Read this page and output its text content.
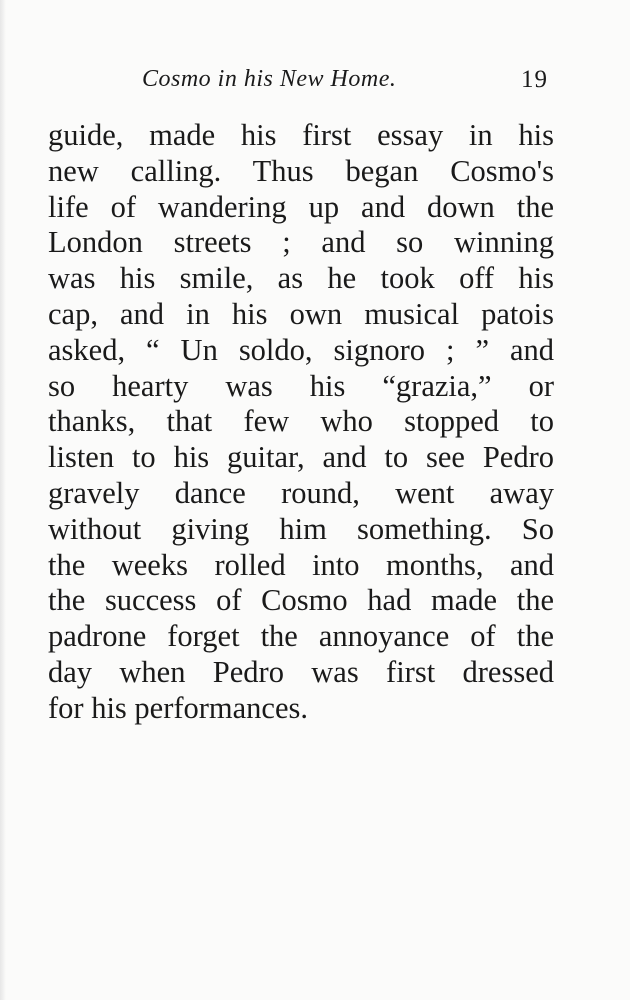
Cosmo in his New Home.	19
guide, made his first essay in his
new calling. Thus began Cosmo's
life of wandering up and down the
London streets ; and so winning
was his smile, as he took off his
cap, and in his own musical patois
asked, “ Un soldo, signoro ; ” and
so hearty was his “grazia,” or
thanks, that few who stopped to
listen to his guitar, and to see Pedro
gravely dance round, went away
without giving him something. So
the weeks rolled into months, and
the success of Cosmo had made the
padrone forget the annoyance of the
day when Pedro was first dressed
for his performances.
